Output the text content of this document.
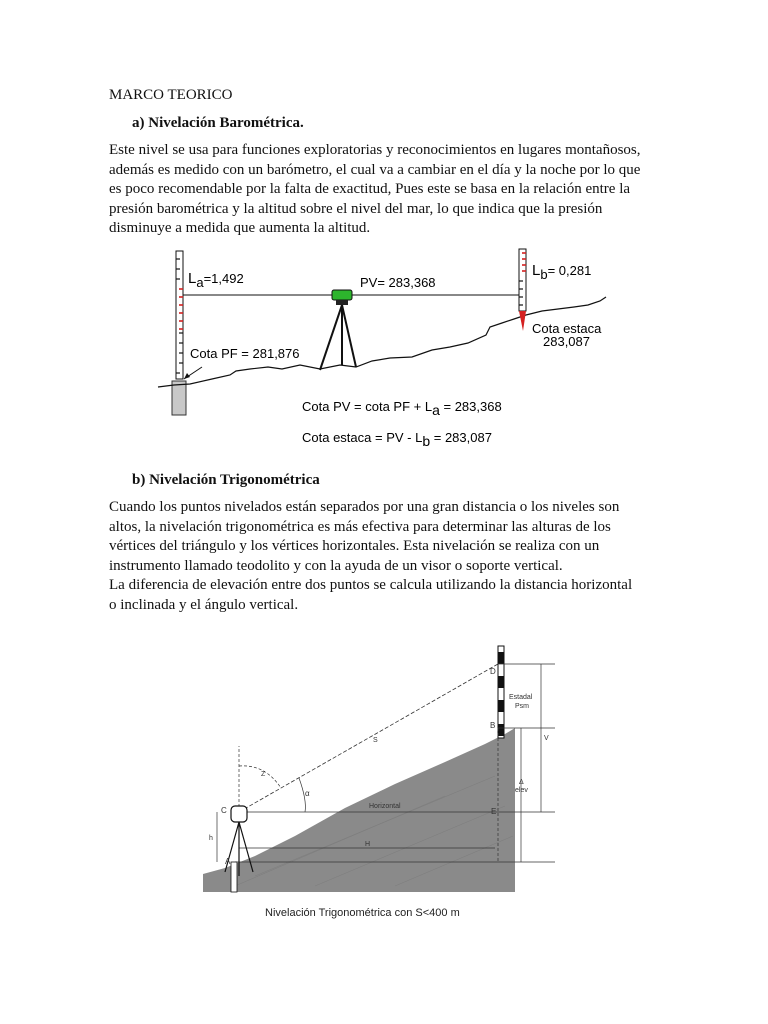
MARCO TEORICO
a) Nivelación Barométrica.
Este nivel se usa para funciones exploratorias y reconocimientos en lugares montañosos,
además es medido con un barómetro, el cual va a cambiar en el día y la noche por lo que
es poco recomendable por la falta de exactitud, Pues este se basa en la relación entre la
presión barométrica y la altitud sobre el nivel del mar, lo que indica que la presión
disminuye a medida que aumenta la altitud.
La=1,492	PV= 283,368
Lb= 0,281
Cota PF = 281,876
Cota estaca
283,087
Cota PV = cota PF + La = 283,368
Cota estaca = PV - Lb = 283,087
b) Nivelación Trigonométrica
Cuando los puntos nivelados están separados por una gran distancia o los niveles son
altos, la nivelación trigonométrica es más efectiva para determinar las alturas de los
vértices del triángulo y los vértices horizontales. Esta nivelación se realiza con un
instrumento llamado teodolito y con la ayuda de un visor o soporte vertical.
La diferencia de elevación entre dos puntos se calcula utilizando la distancia horizontal
o inclinada y el ángulo vertical.
D
B
C
A
E
Estadal
Psm
S
Z
α
V
Δ
elev
Horizontal
H
h
Nivelación Trigonométrica con S<400 m
